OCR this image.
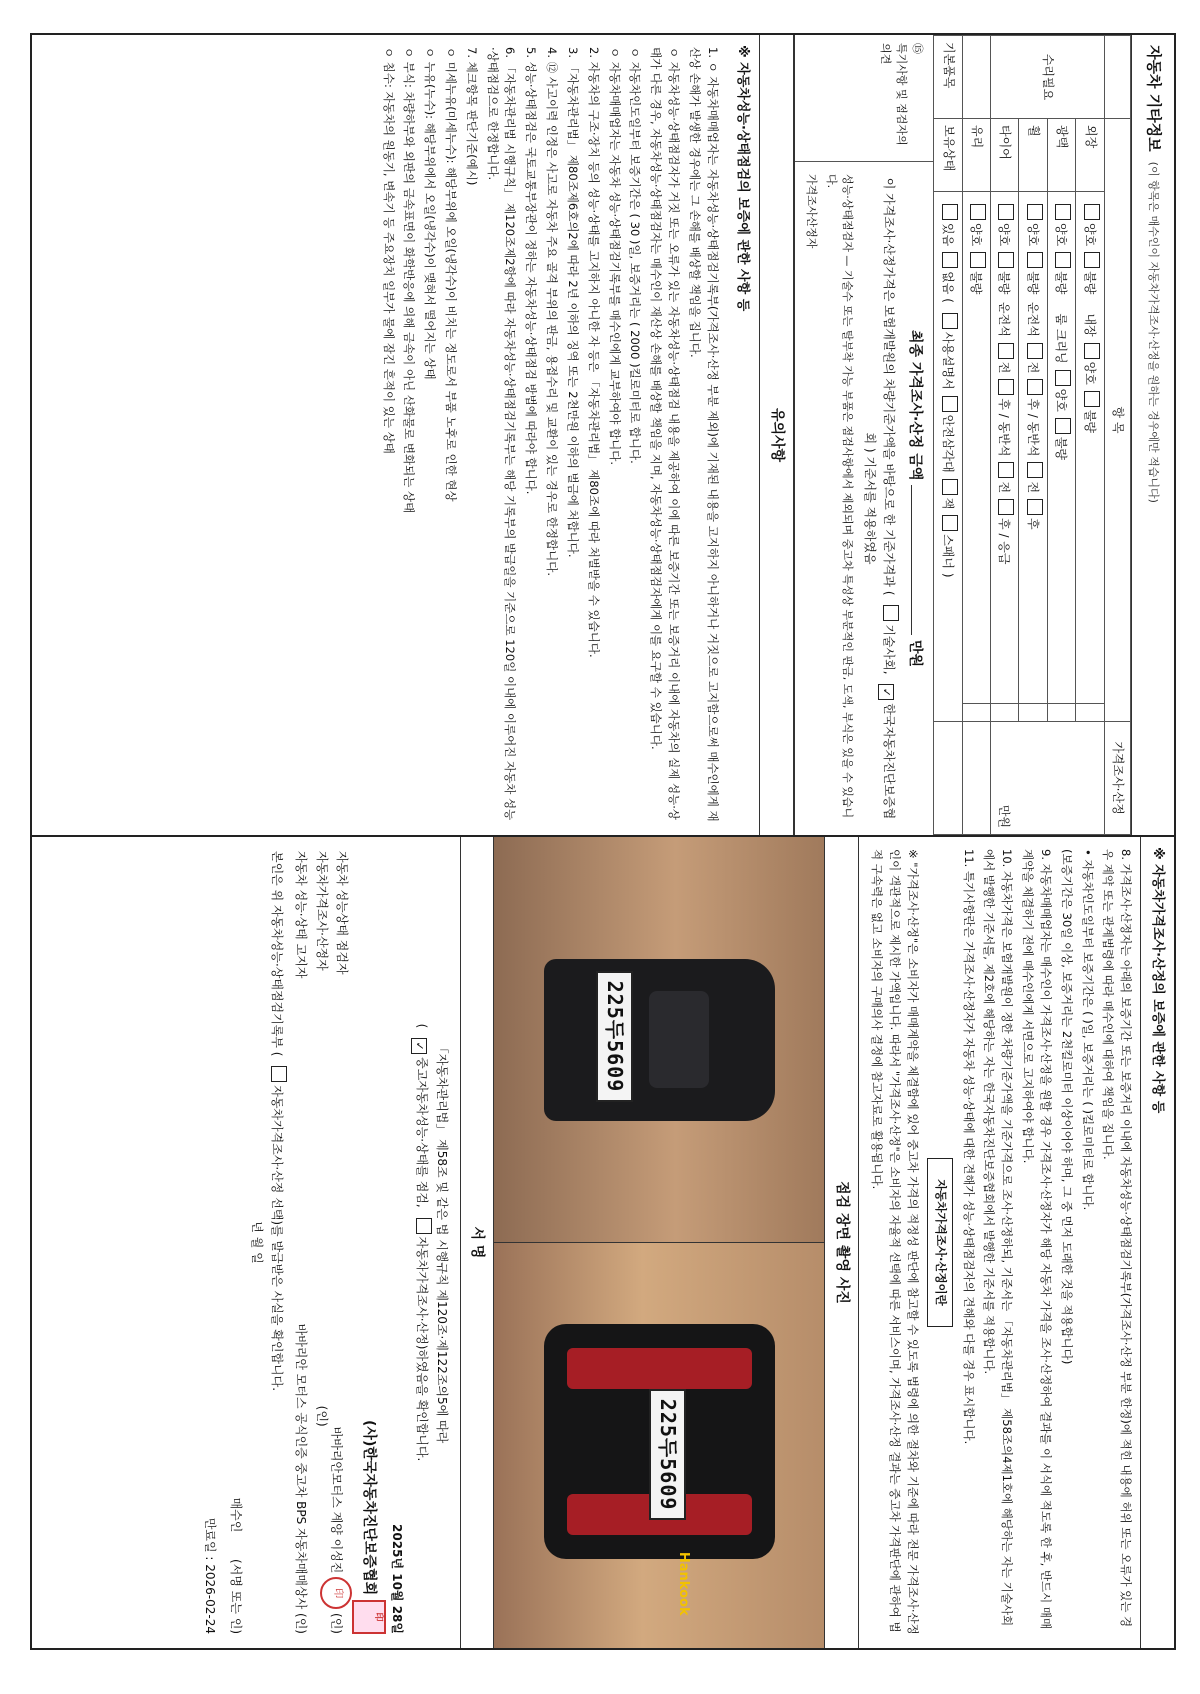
자동차 기타정보
(이 항목은 매수인이 자동차가격조사·산정을 원하는 경우에만 적습니다)
	항 목			가격조사·산정
수리필요	외장	양호불량     내장양호불량		만원
	광택	양호불량     룸 크리닝양호불량		
	휠	양호불량  운전석전후 / 동반석전후		
	타이어	양호불량  운전석전후 / 동반석전후 / 응급		
	유리	양호불량		
기본품목	보유상태	있음없음 ( 사용설명서안전삼각대잭스패너 )		
⑮
특기사항 및 점검자의 의견
최종 가격조사·산정 금액  만원
이 가격조사·산정가격은 보험개발원의 차량기준가액을 바탕으로 한 기준가격과 ( 기술사회, ✓한국자동차진단보증협회 ) 기준서를 적용하였음
성능·상태점검자 — 기술수 또는 탈부착 가능 부품은 점검사항에서 제외되며 중고차 특성상 부분적인 판금, 도색, 부식은 있을 수 있습니다.
가격조사산정자
유의사항
※ 자동차성능·상태점검의 보증에 관한 사항 등

1. ㅇ 자동차매매업자는 자동차성능·상태점검기록부(가격조사·산정 부분 제외)에 기재된 내용을 고지하지 아니하거나 거짓으로 고지함으로써 매수인에게 재산상 손해가 발생한 경우에는 그 손해를 배상할 책임을 집니다.

ㅇ 자동차성능·상태점검자가 거짓 또는 오류가 있는 자동차성능·상태점검 내용을 제공하여 이에 따른 보증기간 또는 보증거리 이내에 자동차의 실제 성능·상태가 다른 경우, 자동차성능·상태점검자는 매수인이 재산상 손해를 배상할 책임을 지며, 자동차성능·상태점검자에게 이를 요구할 수 있습니다.

ㅇ 자동차인도일부터 보증기간은 ( 30 )일, 보증거리는 ( 2000 )킬로미터로 합니다.

ㅇ 자동차매매업자는 자동차 성능·상태점검기록부를 매수인에게 교부하여야 합니다.

2. 자동차의 구조·장치 등의 성능·상태를 고지하지 아니한 자 등은 「자동차관리법」 제80조에 따라 처벌받을 수 있습니다.

3. 「자동차관리법」 제80조제6호의2에 따라 2년 이하의 징역 또는 2천만원 이하의 벌금에 처합니다.

4. ⑫ 사고이력 인정은 사고로 자동차 주요 골격 부위의 판금, 용접수리 및 교환이 있는 경우로 한정합니다.

5. 성능·상태점검은 국토교통부장관이 정하는 자동차성능·상태점검 방법에 따라야 합니다.

6. 「자동차관리법 시행규칙」 제120조제2항에 따라 자동차성능·상태점검기록부는 해당 기록부의 발급일을 기준으로 120일 이내에 이루어진 자동차 성능·상태점검으로 한정합니다.

7. 체크항목 판단기준(예시)

ㅇ 미세누유(미세누수): 해당부위에 오일(냉각수)이 비치는 정도로서 부품 노후로 인한 현상

ㅇ 누유(누수): 해당부위에서 오일(냉각수)이 맺혀서 떨어지는 상태

ㅇ 부식: 차량하부와 외판의 금속표면이 화학반응에 의해 금속이 아닌 산화물로 변화되는 상태

ㅇ 침수: 자동차의 원동기, 변속기 등 주요장치 일부가 물에 잠긴 흔적이 있는 상태

※ 자동차가격조사·산정의 보증에 관한 사항 등

8. 가격조사·산정자는 아래의 보증기간 또는 보증거리 이내에 자동차성능·상태점검기록부(가격조사·산정 부분 한정)에 적힌 내용에 허위 또는 오류가 있는 경우 계약 또는 관계법령에 따라 매수인에 대하여 책임을 집니다.

• 자동차인도일부터 보증기간은 ( )일, 보증거리는 ( )킬로미터로 합니다.

(보증기간은 30일 이상, 보증거리는 2천킬로미터 이상이어야 하며, 그 중 먼저 도래한 것을 적용합니다)

9. 자동차매매업자는 매수인이 가격조사·산정을 원할 경우 가격조사·산정자가 해당 자동차 가격을 조사·산정하여 결과를 이 서식에 적도록 한 후, 반드시 매매계약을 체결하기 전에 매수인에게 서면으로 고지하여야 합니다.

10. 자동차가격은 보험개발원이 정한 차량기준가액을 기준가격으로 조사·산정하되, 기준서는 「자동차관리법」 제58조의4제1호에 해당하는 자는 기술사회에서 발행한 기준서를, 제2호에 해당하는 자는 한국자동차진단보증협회에서 발행한 기준서를 적용합니다.

11. 특기사항란은 가격조사·산정자가 자동차 성능·상태에 대한 견해가 성능·상태점검자의 견해와 다를 경우 표시합니다.

자동차가격조사·산정이란

※ "가격조사·산정"은 소비자가 매매계약을 체결함에 있어 중고차 가격의 적정성 판단에 참고할 수 있도록 법령에 의한 절차와 기준에 따라 전문 가격조사·산정인이 객관적으로 제시한 가액입니다. 따라서 "가격조사·산정"은 소비자의 자율적 선택에 따른 서비스이며, 가격조사·산정 결과는 중고차 가격판단에 관하여 법적 구속력은 없고 소비자의 구매의사 결정에 참고자료로 활용됩니다.

점검 장면 촬영 사진
225두5609
225두5609
Hankook
서 명
「자동차관리법」 제58조 및 같은 법 시행규칙 제120조·제122조의5에 따라
( ✓중고자동차성능·상태를 점검, 자동차가격조사·산정)하였음을 확인합니다.
2025년 10월 28일
(사)한국자동차진단보증협회 印
자동차 성능상태 점검자
바바리안모터스 계양 이성진 印 (인)
자동차가격조사·산정자
(인)
자동차 성능·상태 고지자
바바리안 모터스 공식인증 중고차 BPS 자동차매매상사 (인)
본인은 위 자동차성능·상태점검기록부 ( 자동차가격조사·산정 선택)를 발급받은 사실을 확인합니다.
년 월 일
매수인       (서명 또는 인)
만료일 : 2026-02-24
